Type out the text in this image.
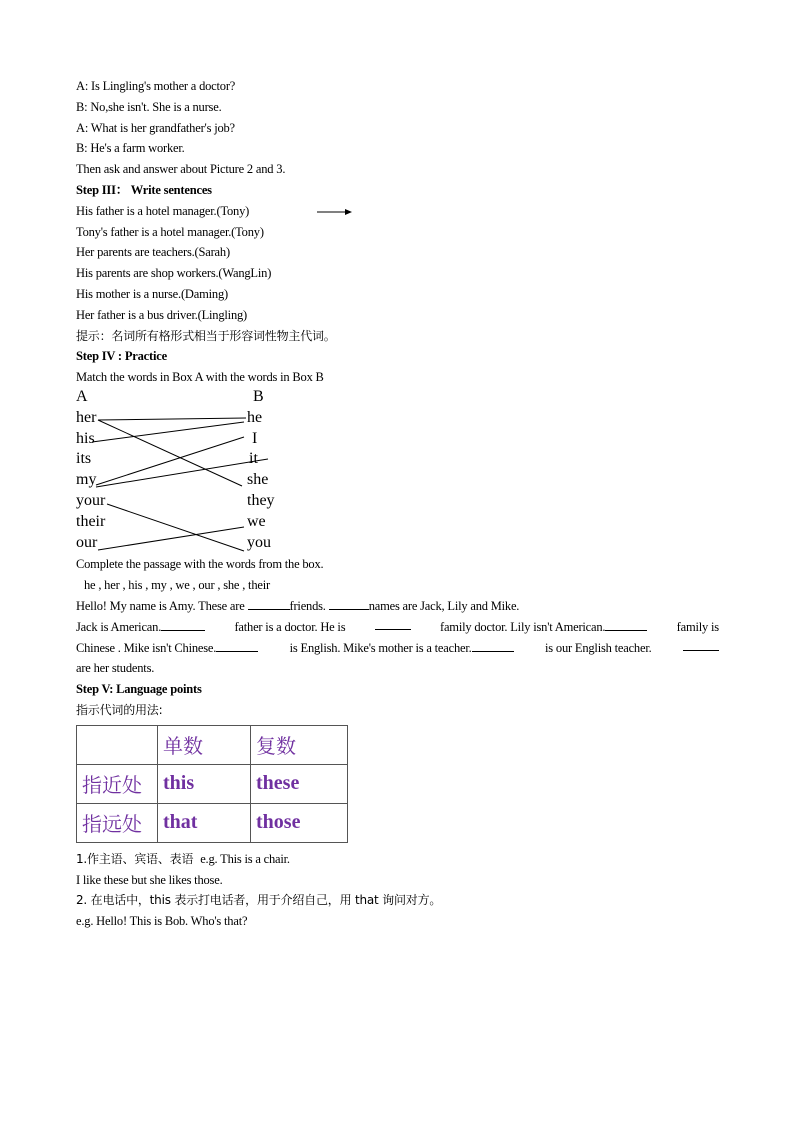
A: Is Lingling's mother a doctor?
B: No,she isn't. She is a nurse.
A: What is her grandfather's job?
B: He's a farm worker.
Then ask and answer about Picture 2 and 3.
Step III： Write sentences
His father is a hotel manager.(Tony)
Tony's father is a hotel manager.(Tony)
Her parents are teachers.(Sarah)
His parents are shop workers.(WangLin)
His mother is a nurse.(Daming)
Her father is a bus driver.(Lingling)
提示：名词所有格形式相当于形容词性物主代词。
Step IV : Practice
Match the words in Box A with the words in Box B
A	B
her	he
his	I
its	it
my	she
your	they
their	we
our	you
Complete the passage with the words from the box.
he , her , his , my , we , our , she , their
Hello! My name is Amy. These are	friends.	names are Jack, Lily and Mike.
Jack is American.	father is a doctor. He is	family doctor. Lily isn't American.	family is
Chinese . Mike isn't Chinese.	is English. Mike's mother is a teacher.	is our English teacher.
are her students.
Step V: Language points
指示代词的用法:
	单数	复数
指近处	this	these
指远处	that	those
1.作主语、宾语、表语 e.g. This is a chair.
I like these but she likes those.
2. 在电话中，this 表示打电话者，用于介绍自己，用 that 询问对方。
e.g. Hello! This is Bob. Who's that?
